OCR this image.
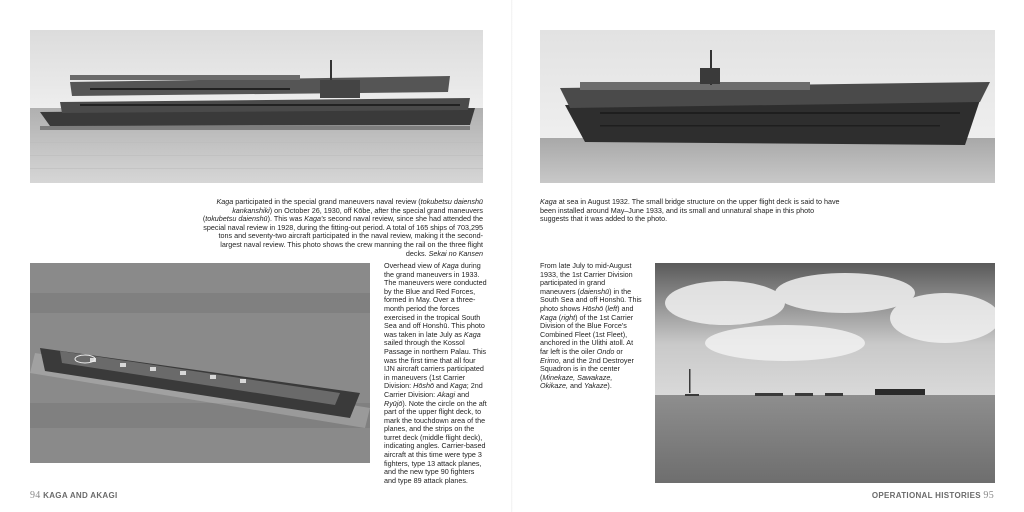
Kaga participated in the special grand maneuvers naval review (tokubetsu daienshū kankanshiki) on October 26, 1930, off Kōbe, after the special grand maneuvers (tokubetsu daienshū). This was Kaga's second naval review, since she had attended the special naval review in 1928, during the fitting-out period. A total of 165 ships of 703,295 tons and seventy-two aircraft participated in the naval review, making it the second-largest naval review. This photo shows the crew manning the rail on the three flight decks. Sekai no Kansen
Kaga at sea in August 1932. The small bridge structure on the upper flight deck is said to have been installed around May–June 1933, and its small and unnatural shape in this photo suggests that it was added to the photo.
Overhead view of Kaga during the grand maneuvers in 1933. The maneuvers were conducted by the Blue and Red Forces, formed in May. Over a three-month period the forces exercised in the tropical South Sea and off Honshū. This photo was taken in late July as Kaga sailed through the Kossol Passage in northern Palau. This was the first time that all four IJN aircraft carriers participated in maneuvers (1st Carrier Division: Hōshō and Kaga; 2nd Carrier Division: Akagi and Ryūjō). Note the circle on the aft part of the upper flight deck, to mark the touchdown area of the planes, and the strips on the turret deck (middle flight deck), indicating angles. Carrier-based aircraft at this time were type 3 fighters, type 13 attack planes, and the new type 90 fighters and type 89 attack planes.
From late July to mid-August 1933, the 1st Carrier Division participated in grand maneuvers (daienshū) in the South Sea and off Honshū. This photo shows Hōshō (left) and Kaga (right) of the 1st Carrier Division of the Blue Force's Combined Fleet (1st Fleet), anchored in the Ulithi atoll. At far left is the oiler Ondo or Erimo, and the 2nd Destroyer Squadron is in the center (Minekaze, Sawakaze, Okikaze, and Yakaze).
94 KAGA AND AKAGI	OPERATIONAL HISTORIES 95
